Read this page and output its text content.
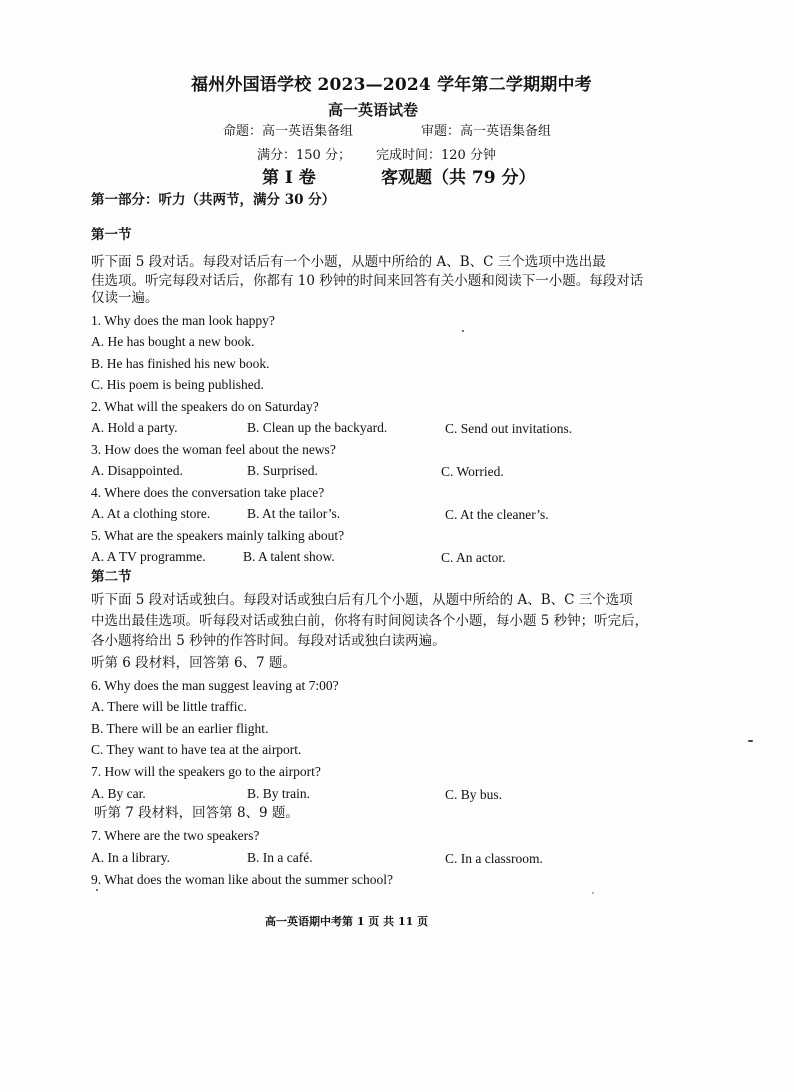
福州外国语学校 2023—2024 学年第二学期期中考
高一英语试卷
命题：高一英语集备组	审题：高一英语集备组
满分：150 分； 完成时间：120 分钟
第 I 卷	客观题（共 79 分）
第一部分：听力（共两节，满分 30 分）
第一节
听下面 5 段对话。每段对话后有一个小题，从题中所给的 A、B、C 三个选项中选出最
佳选项。听完每段对话后，你都有 10 秒钟的时间来回答有关小题和阅读下一小题。每段对话
仅读一遍。
1. Why does the man look happy?
A. He has bought a new book.
B. He has finished his new book.
C. His poem is being published.
2. What will the speakers do on Saturday?
A. Hold a party.	B. Clean up the backyard.	C. Send out invitations.
3. How does the woman feel about the news?
A. Disappointed.	B. Surprised.	C. Worried.
4. Where does the conversation take place?
A. At a clothing store.	B. At the tailor’s.	C. At the cleaner’s.
5. What are the speakers mainly talking about?
A. A TV programme.	B. A talent show.	C. An actor.
第二节
听下面 5 段对话或独白。每段对话或独白后有几个小题，从题中所给的 A、B、C 三个选项
中选出最佳选项。听每段对话或独白前，你将有时间阅读各个小题，每小题 5 秒钟；听完后，
各小题将给出 5 秒钟的作答时间。每段对话或独白读两遍。
听第 6 段材料，回答第 6、7 题。
6. Why does the man suggest leaving at 7:00?
A. There will be little traffic.
B. There will be an earlier flight.
C. They want to have tea at the airport.
7. How will the speakers go to the airport?
A. By car.	B. By train.	C. By bus.
听第 7 段材料，回答第 8、9 题。
7. Where are the two speakers?
A. In a library.	B. In a café.	C. In a classroom.
9. What does the woman like about the summer school?
高一英语期中考第 1 页 共 11 页
